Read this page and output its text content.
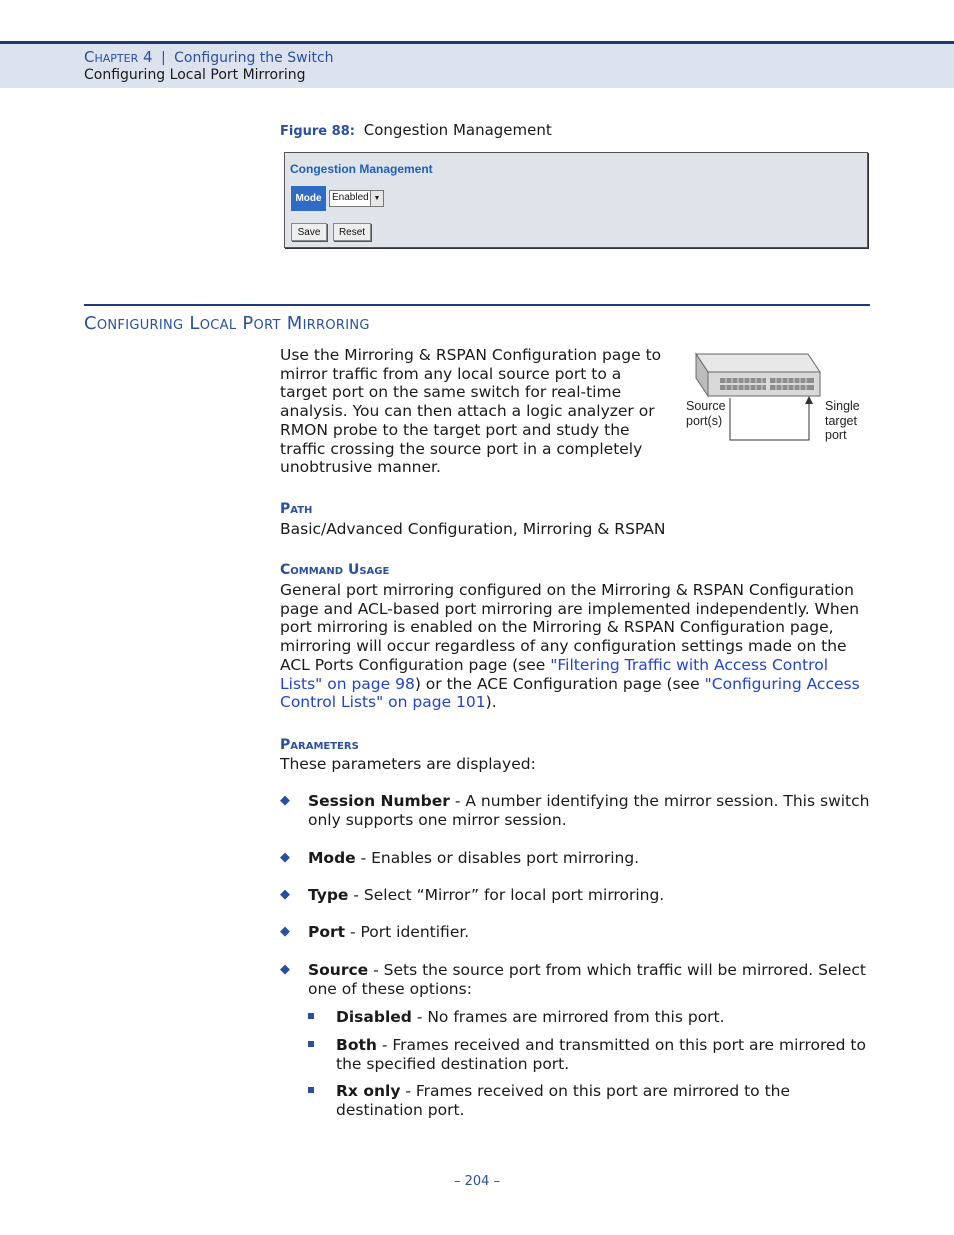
Chapter 4 | Configuring the Switch
Configuring Local Port Mirroring
Figure 88: Congestion Management
Congestion Management
Mode	Enabled ▼
Save	Reset
Configuring Local Port Mirroring
Use the Mirroring & RSPAN Configuration page to mirror traffic from any local source port to a target port on the same switch for real-time analysis. You can then attach a logic analyzer or RMON probe to the target port and study the traffic crossing the source port in a completely unobtrusive manner.
Source
port(s)
Single
target
port
Path
Basic/Advanced Configuration, Mirroring & RSPAN
Command Usage
General port mirroring configured on the Mirroring & RSPAN Configuration page and ACL-based port mirroring are implemented independently. When port mirroring is enabled on the Mirroring & RSPAN Configuration page, mirroring will occur regardless of any configuration settings made on the ACL Ports Configuration page (see "Filtering Traffic with Access Control Lists" on page 98) or the ACE Configuration page (see "Configuring Access Control Lists" on page 101).
Parameters
These parameters are displayed:
◆ Session Number - A number identifying the mirror session. This switch only supports one mirror session.
◆ Mode - Enables or disables port mirroring.
◆ Type - Select “Mirror” for local port mirroring.
◆ Port - Port identifier.
◆ Source - Sets the source port from which traffic will be mirrored. Select one of these options:
Disabled - No frames are mirrored from this port.
Both - Frames received and transmitted on this port are mirrored to the specified destination port.
Rx only - Frames received on this port are mirrored to the destination port.
– 204 –
